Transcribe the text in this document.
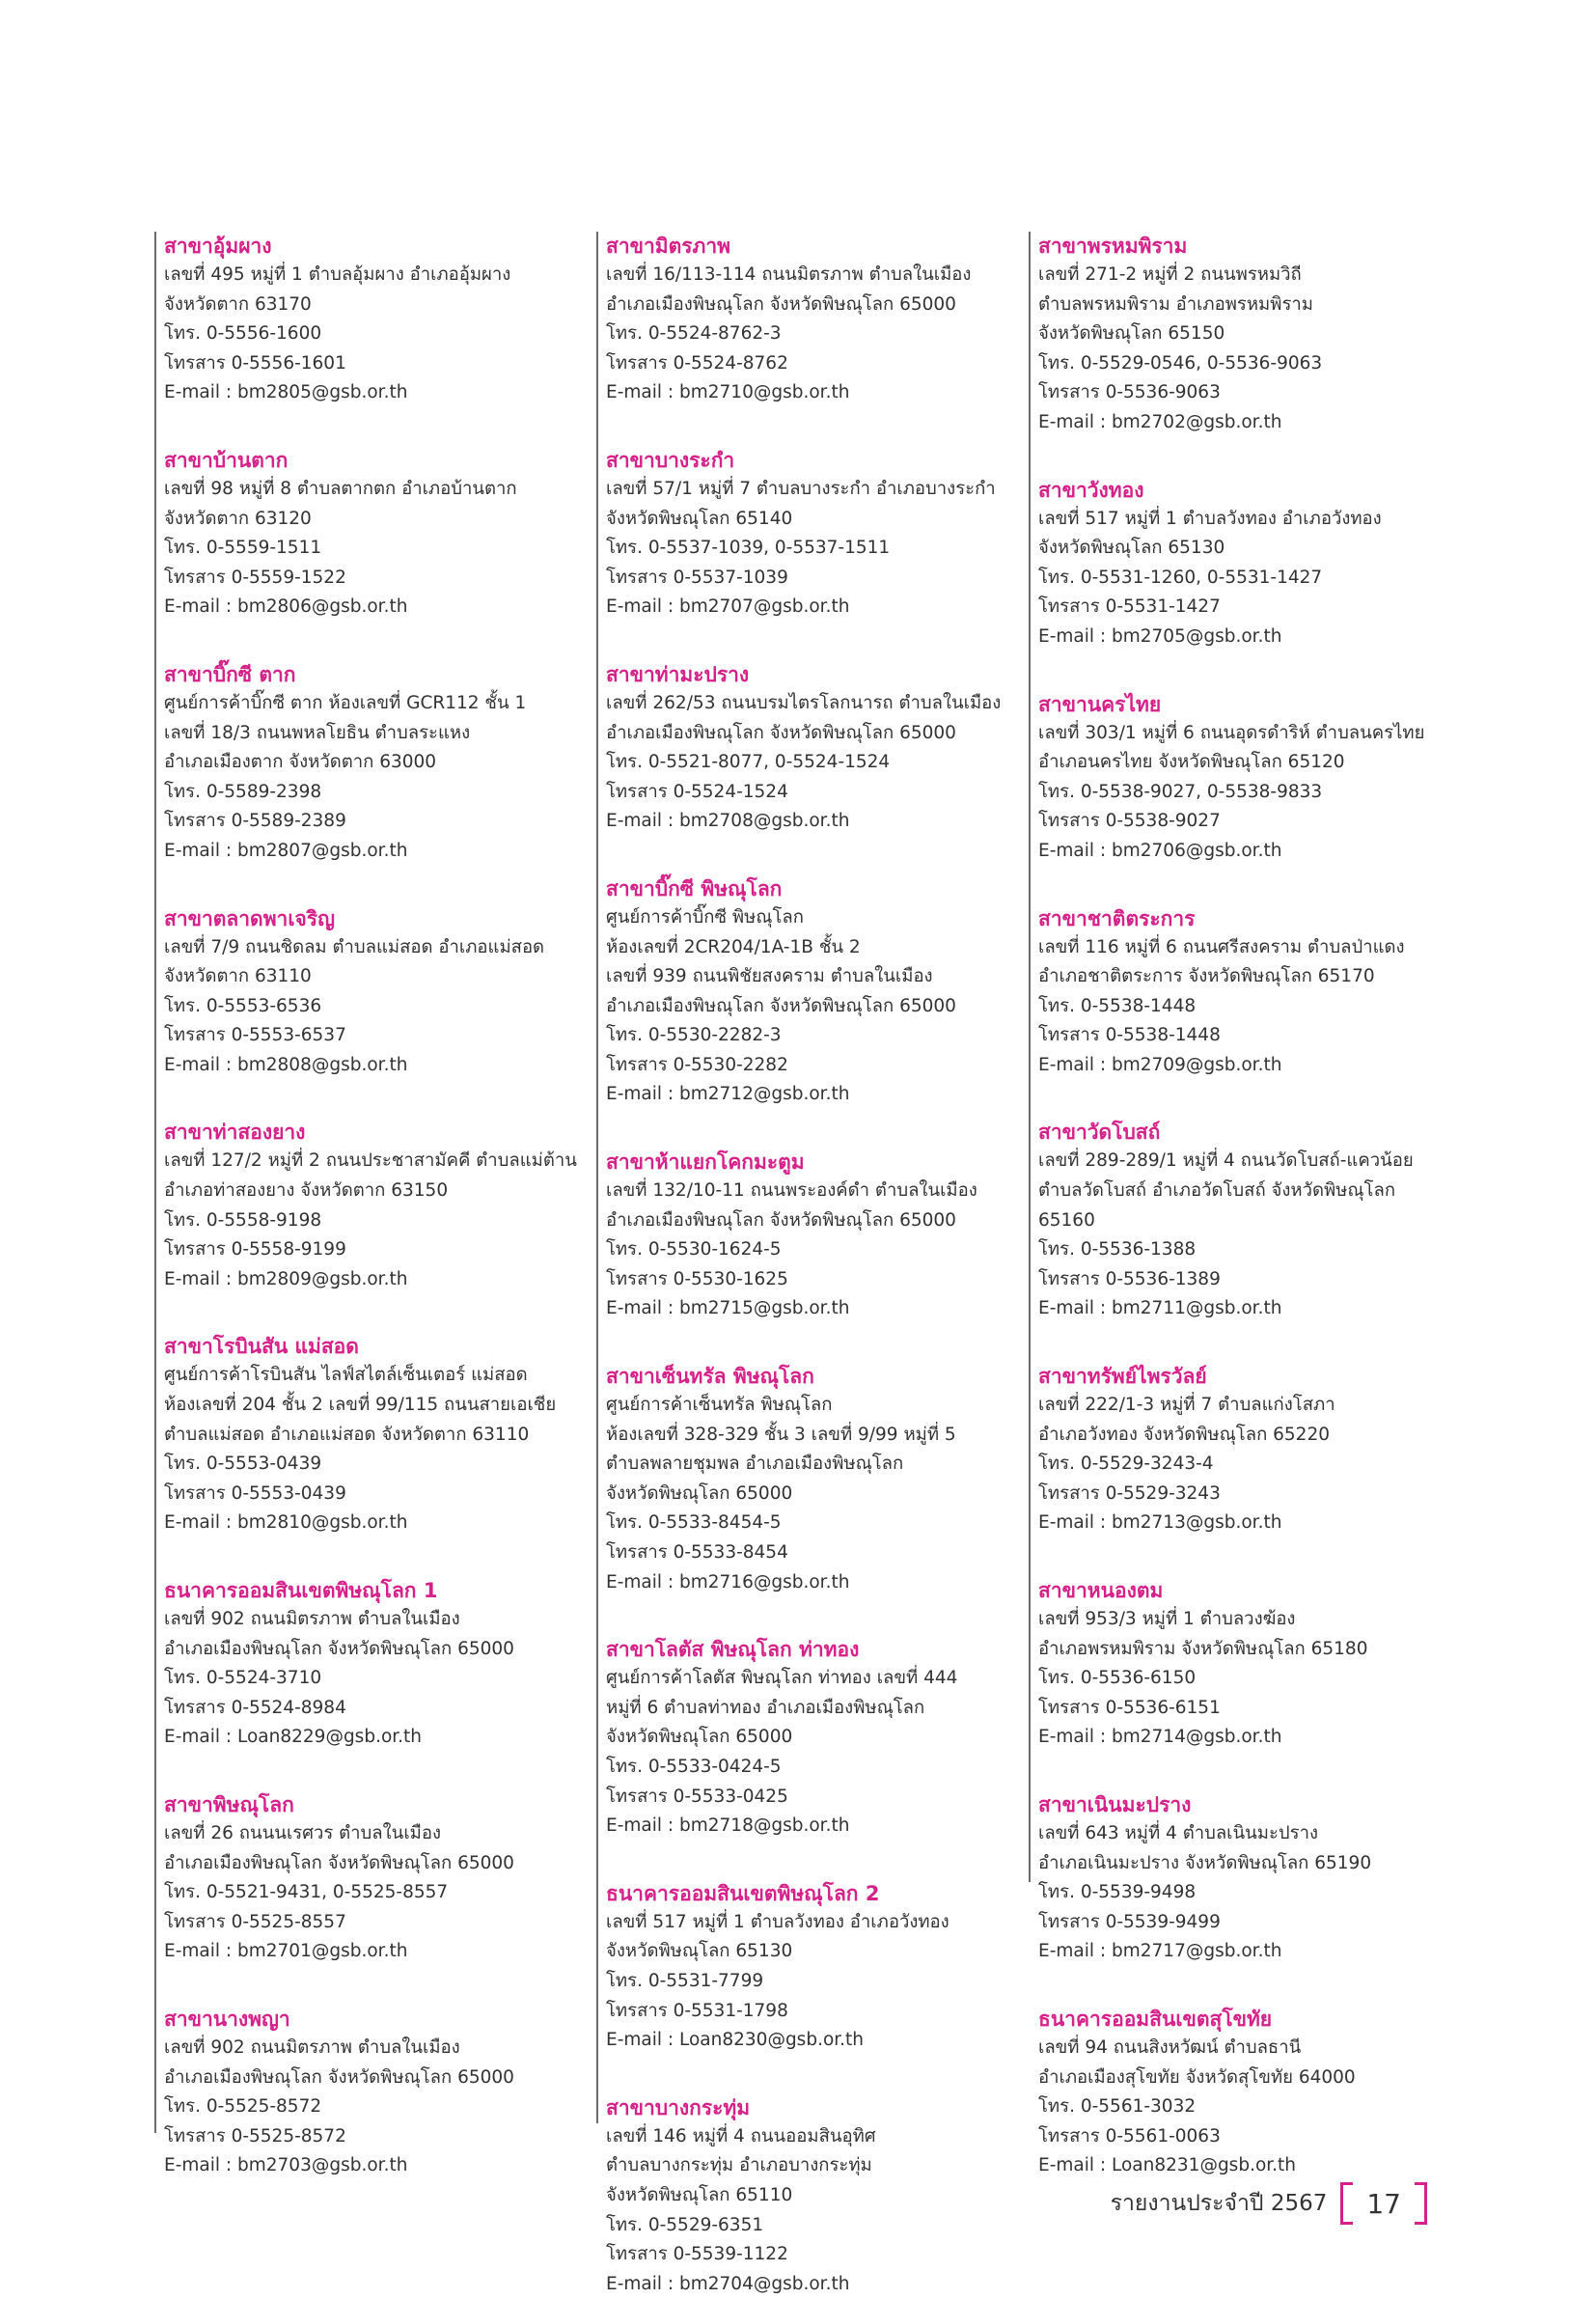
สาขาอุ้มผาง
เลขที่ 495 หมู่ที่ 1 ตำบลอุ้มผาง อำเภออุ้มผาง
จังหวัดตาก 63170
โทร. 0-5556-1600
โทรสาร 0-5556-1601
E-mail : bm2805@gsb.or.th
สาขาบ้านตาก
เลขที่ 98 หมู่ที่ 8 ตำบลตากตก อำเภอบ้านตาก
จังหวัดตาก 63120
โทร. 0-5559-1511
โทรสาร 0-5559-1522
E-mail : bm2806@gsb.or.th
สาขาบิ๊กซี ตาก
ศูนย์การค้าบิ๊กซี ตาก ห้องเลขที่ GCR112 ชั้น 1
เลขที่ 18/3 ถนนพหลโยธิน ตำบลระแหง
อำเภอเมืองตาก จังหวัดตาก 63000
โทร. 0-5589-2398
โทรสาร 0-5589-2389
E-mail : bm2807@gsb.or.th
สาขาตลาดพาเจริญ
เลขที่ 7/9 ถนนชิดลม ตำบลแม่สอด อำเภอแม่สอด
จังหวัดตาก 63110
โทร. 0-5553-6536
โทรสาร 0-5553-6537
E-mail : bm2808@gsb.or.th
สาขาท่าสองยาง
เลขที่ 127/2 หมู่ที่ 2 ถนนประชาสามัคคี ตำบลแม่ต้าน
อำเภอท่าสองยาง จังหวัดตาก 63150
โทร. 0-5558-9198
โทรสาร 0-5558-9199
E-mail : bm2809@gsb.or.th
สาขาโรบินสัน แม่สอด
ศูนย์การค้าโรบินสัน ไลฟ์สไตล์เซ็นเตอร์ แม่สอด
ห้องเลขที่ 204 ชั้น 2 เลขที่ 99/115 ถนนสายเอเชีย
ตำบลแม่สอด อำเภอแม่สอด จังหวัดตาก 63110
โทร. 0-5553-0439
โทรสาร 0-5553-0439
E-mail : bm2810@gsb.or.th
ธนาคารออมสินเขตพิษณุโลก 1
เลขที่ 902 ถนนมิตรภาพ ตำบลในเมือง
อำเภอเมืองพิษณุโลก จังหวัดพิษณุโลก 65000
โทร. 0-5524-3710
โทรสาร 0-5524-8984
E-mail : Loan8229@gsb.or.th
สาขาพิษณุโลก
เลขที่ 26 ถนนนเรศวร ตำบลในเมือง
อำเภอเมืองพิษณุโลก จังหวัดพิษณุโลก 65000
โทร. 0-5521-9431, 0-5525-8557
โทรสาร 0-5525-8557
E-mail : bm2701@gsb.or.th
สาขานางพญา
เลขที่ 902 ถนนมิตรภาพ ตำบลในเมือง
อำเภอเมืองพิษณุโลก จังหวัดพิษณุโลก 65000
โทร. 0-5525-8572
โทรสาร 0-5525-8572
E-mail : bm2703@gsb.or.th
สาขามิตรภาพ
เลขที่ 16/113-114 ถนนมิตรภาพ ตำบลในเมือง
อำเภอเมืองพิษณุโลก จังหวัดพิษณุโลก 65000
โทร. 0-5524-8762-3
โทรสาร 0-5524-8762
E-mail : bm2710@gsb.or.th
สาขาบางระกำ
เลขที่ 57/1 หมู่ที่ 7 ตำบลบางระกำ อำเภอบางระกำ
จังหวัดพิษณุโลก 65140
โทร. 0-5537-1039, 0-5537-1511
โทรสาร 0-5537-1039
E-mail : bm2707@gsb.or.th
สาขาท่ามะปราง
เลขที่ 262/53 ถนนบรมไตรโลกนารถ ตำบลในเมือง
อำเภอเมืองพิษณุโลก จังหวัดพิษณุโลก 65000
โทร. 0-5521-8077, 0-5524-1524
โทรสาร 0-5524-1524
E-mail : bm2708@gsb.or.th
สาขาบิ๊กซี พิษณุโลก
ศูนย์การค้าบิ๊กซี พิษณุโลก
ห้องเลขที่ 2CR204/1A-1B ชั้น 2
เลขที่ 939 ถนนพิชัยสงคราม ตำบลในเมือง
อำเภอเมืองพิษณุโลก จังหวัดพิษณุโลก 65000
โทร. 0-5530-2282-3
โทรสาร 0-5530-2282
E-mail : bm2712@gsb.or.th
สาขาห้าแยกโคกมะตูม
เลขที่ 132/10-11 ถนนพระองค์ดำ ตำบลในเมือง
อำเภอเมืองพิษณุโลก จังหวัดพิษณุโลก 65000
โทร. 0-5530-1624-5
โทรสาร 0-5530-1625
E-mail : bm2715@gsb.or.th
สาขาเซ็นทรัล พิษณุโลก
ศูนย์การค้าเซ็นทรัล พิษณุโลก
ห้องเลขที่ 328-329 ชั้น 3 เลขที่ 9/99 หมู่ที่ 5
ตำบลพลายชุมพล อำเภอเมืองพิษณุโลก
จังหวัดพิษณุโลก 65000
โทร. 0-5533-8454-5
โทรสาร 0-5533-8454
E-mail : bm2716@gsb.or.th
สาขาโลตัส พิษณุโลก ท่าทอง
ศูนย์การค้าโลตัส พิษณุโลก ท่าทอง เลขที่ 444
หมู่ที่ 6 ตำบลท่าทอง อำเภอเมืองพิษณุโลก
จังหวัดพิษณุโลก 65000
โทร. 0-5533-0424-5
โทรสาร 0-5533-0425
E-mail : bm2718@gsb.or.th
ธนาคารออมสินเขตพิษณุโลก 2
เลขที่ 517 หมู่ที่ 1 ตำบลวังทอง อำเภอวังทอง
จังหวัดพิษณุโลก 65130
โทร. 0-5531-7799
โทรสาร 0-5531-1798
E-mail : Loan8230@gsb.or.th
สาขาบางกระทุ่ม
เลขที่ 146 หมู่ที่ 4 ถนนออมสินอุทิศ
ตำบลบางกระทุ่ม อำเภอบางกระทุ่ม
จังหวัดพิษณุโลก 65110
โทร. 0-5529-6351
โทรสาร 0-5539-1122
E-mail : bm2704@gsb.or.th
สาขาพรหมพิราม
เลขที่ 271-2 หมู่ที่ 2 ถนนพรหมวิถี
ตำบลพรหมพิราม อำเภอพรหมพิราม
จังหวัดพิษณุโลก 65150
โทร. 0-5529-0546, 0-5536-9063
โทรสาร 0-5536-9063
E-mail : bm2702@gsb.or.th
สาขาวังทอง
เลขที่ 517 หมู่ที่ 1 ตำบลวังทอง อำเภอวังทอง
จังหวัดพิษณุโลก 65130
โทร. 0-5531-1260, 0-5531-1427
โทรสาร 0-5531-1427
E-mail : bm2705@gsb.or.th
สาขานครไทย
เลขที่ 303/1 หมู่ที่ 6 ถนนอุดรดำริห์ ตำบลนครไทย
อำเภอนครไทย จังหวัดพิษณุโลก 65120
โทร. 0-5538-9027, 0-5538-9833
โทรสาร 0-5538-9027
E-mail : bm2706@gsb.or.th
สาขาชาติตระการ
เลขที่ 116 หมู่ที่ 6 ถนนศรีสงคราม ตำบลป่าแดง
อำเภอชาติตระการ จังหวัดพิษณุโลก 65170
โทร. 0-5538-1448
โทรสาร 0-5538-1448
E-mail : bm2709@gsb.or.th
สาขาวัดโบสถ์
เลขที่ 289-289/1 หมู่ที่ 4 ถนนวัดโบสถ์-แควน้อย
ตำบลวัดโบสถ์ อำเภอวัดโบสถ์ จังหวัดพิษณุโลก
65160
โทร. 0-5536-1388
โทรสาร 0-5536-1389
E-mail : bm2711@gsb.or.th
สาขาทรัพย์ไพรวัลย์
เลขที่ 222/1-3 หมู่ที่ 7 ตำบลแก่งโสภา
อำเภอวังทอง จังหวัดพิษณุโลก 65220
โทร. 0-5529-3243-4
โทรสาร 0-5529-3243
E-mail : bm2713@gsb.or.th
สาขาหนองตม
เลขที่ 953/3 หมู่ที่ 1 ตำบลวงฆ้อง
อำเภอพรหมพิราม จังหวัดพิษณุโลก 65180
โทร. 0-5536-6150
โทรสาร 0-5536-6151
E-mail : bm2714@gsb.or.th
สาขาเนินมะปราง
เลขที่ 643 หมู่ที่ 4 ตำบลเนินมะปราง
อำเภอเนินมะปราง จังหวัดพิษณุโลก 65190
โทร. 0-5539-9498
โทรสาร 0-5539-9499
E-mail : bm2717@gsb.or.th
ธนาคารออมสินเขตสุโขทัย
เลขที่ 94 ถนนสิงหวัฒน์ ตำบลธานี
อำเภอเมืองสุโขทัย จังหวัดสุโขทัย 64000
โทร. 0-5561-3032
โทรสาร 0-5561-0063
E-mail : Loan8231@gsb.or.th
รายงานประจำปี 2567 17
